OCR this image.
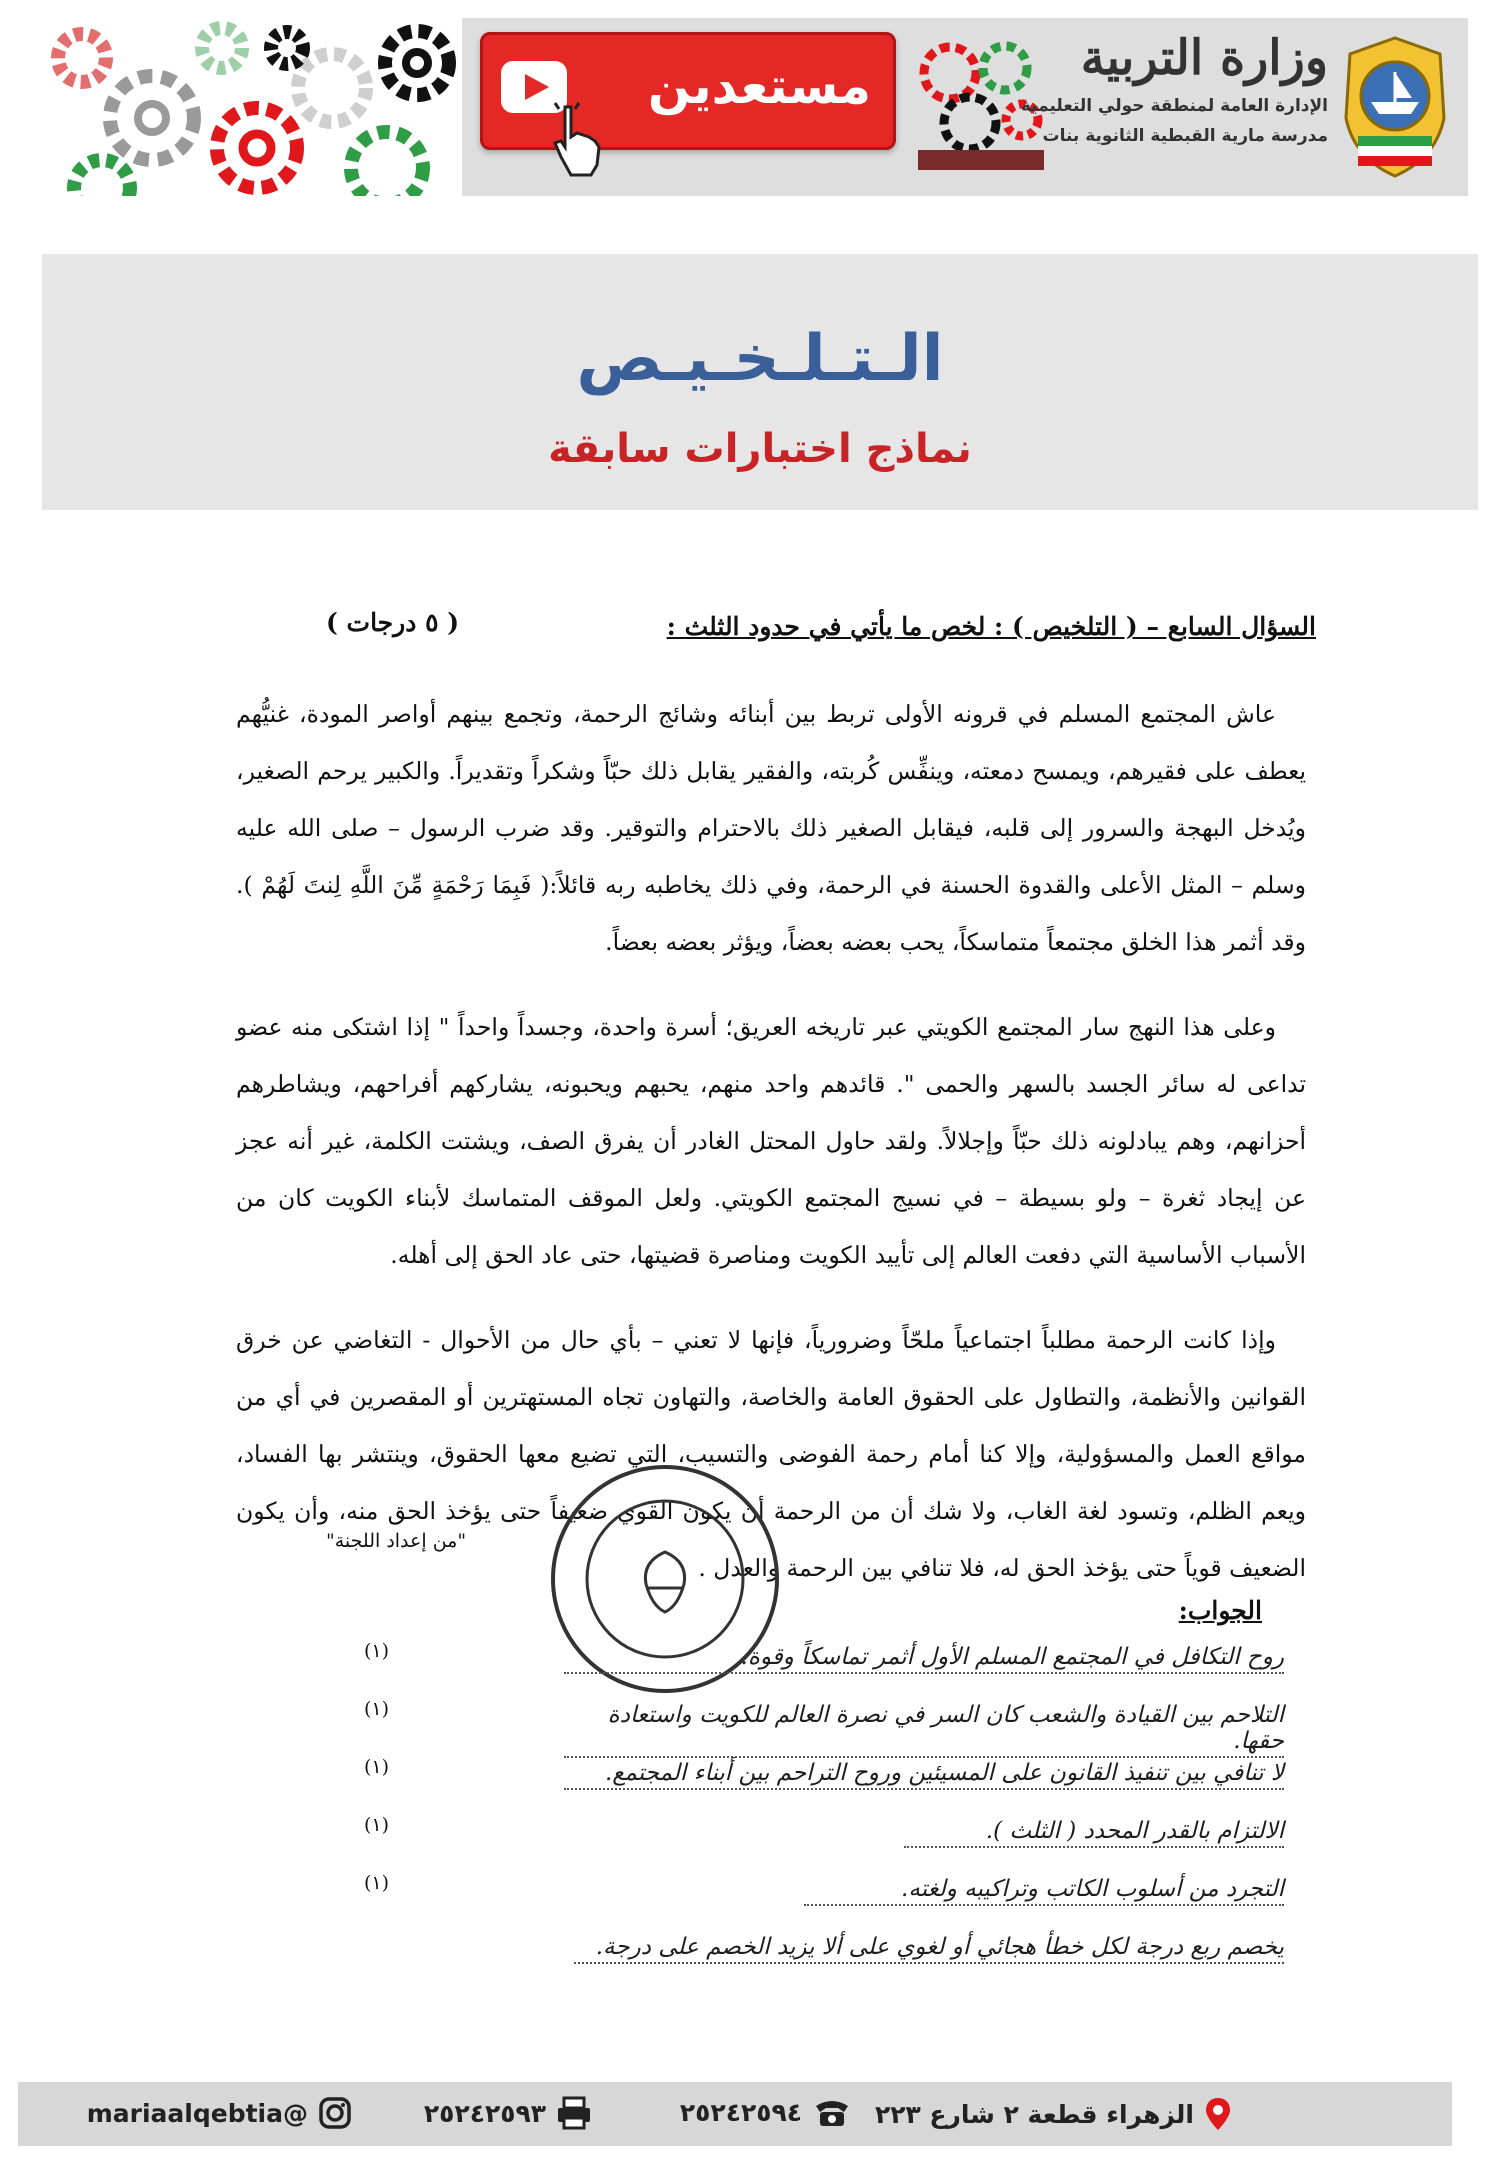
مستعدين	وزارة التربية
الإدارة العامة لمنطقة حولي التعليمية
مدرسة مارية القبطية الثانوية بنات
الـتـلـخـيـص
نماذج اختبارات سابقة
السؤال السابع – ( التلخيص ) : لخص ما يأتي في حدود الثلث :
( ٥ درجات )

عاش المجتمع المسلم في قرونه الأولى تربط بين أبنائه وشائج الرحمة، وتجمع بينهم أواصر المودة، غنيُّهم يعطف على فقيرهم، ويمسح دمعته، وينفِّس كُربته، والفقير يقابل ذلك حبّاً وشكراً وتقديراً. والكبير يرحم الصغير، ويُدخل البهجة والسرور إلى قلبه، فيقابل الصغير ذلك بالاحترام والتوقير. وقد ضرب الرسول – صلى الله عليه وسلم – المثل الأعلى والقدوة الحسنة في الرحمة، وفي ذلك يخاطبه ربه قائلاً:( فَبِمَا رَحْمَةٍ مِّنَ اللَّهِ لِنتَ لَهُمْ ). وقد أثمر هذا الخلق مجتمعاً متماسكاً، يحب بعضه بعضاً، ويؤثر بعضه بعضاً.

وعلى هذا النهج سار المجتمع الكويتي عبر تاريخه العريق؛ أسرة واحدة، وجسداً واحداً " إذا اشتكى منه عضو تداعى له سائر الجسد بالسهر والحمى ". قائدهم واحد منهم، يحبهم ويحبونه، يشاركهم أفراحهم، ويشاطرهم أحزانهم، وهم يبادلونه ذلك حبّاً وإجلالاً. ولقد حاول المحتل الغادر أن يفرق الصف، ويشتت الكلمة، غير أنه عجز عن إيجاد ثغرة – ولو بسيطة – في نسيج المجتمع الكويتي. ولعل الموقف المتماسك لأبناء الكويت كان من الأسباب الأساسية التي دفعت العالم إلى تأييد الكويت ومناصرة قضيتها، حتى عاد الحق إلى أهله.

وإذا كانت الرحمة مطلباً اجتماعياً ملحّاً وضرورياً، فإنها لا تعني – بأي حال من الأحوال - التغاضي عن خرق القوانين والأنظمة، والتطاول على الحقوق العامة والخاصة، والتهاون تجاه المستهترين أو المقصرين في أي من مواقع العمل والمسؤولية، وإلا كنا أمام رحمة الفوضى والتسيب، التي تضيع معها الحقوق، وينتشر بها الفساد، ويعم الظلم، وتسود لغة الغاب، ولا شك أن من الرحمة أن يكون القوي ضعيفاً حتى يؤخذ الحق منه، وأن يكون الضعيف قوياً حتى يؤخذ الحق له، فلا تنافي بين الرحمة والعدل .

"من إعداد اللجنة"
الجواب:
روح التكافل في المجتمع المسلم الأول أثمر تماسكاً وقوة.
(١)
التلاحم بين القيادة والشعب كان السر في نصرة العالم للكويت واستعادة حقها.
(١)
لا تنافي بين تنفيذ القانون على المسيئين وروح التراحم بين أبناء المجتمع.
(١)
الالتزام بالقدر المحدد ( الثلث ).
(١)
التجرد من أسلوب الكاتب وتراكيبه ولغته.
(١)
يخصم ربع درجة لكل خطأ هجائي أو لغوي على ألا يزيد الخصم على درجة.
الزهراء قطعة ٢ شارع ٢٢٣
٢٥٢٤٢٥٩٤
٢٥٢٤٢٥٩٣
@mariaalqebtia
